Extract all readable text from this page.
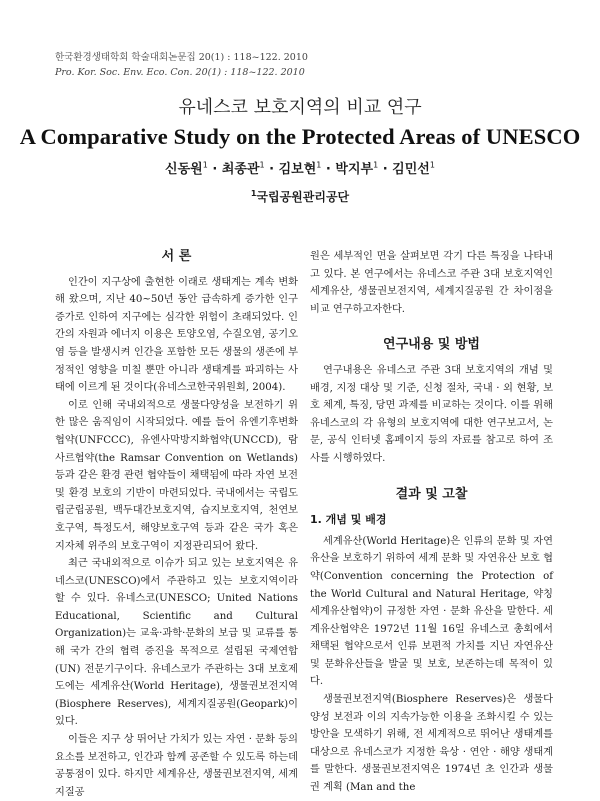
한국환경생태학회 학술대회논문집 20(1) : 118~122. 2010
Pro. Kor. Soc. Env. Eco. Con. 20(1) : 118~122. 2010
유네스코 보호지역의 비교 연구
A Comparative Study on the Protected Areas of UNESCO
신동원$^1$ · 최종관$^1$ · 김보현$^1$ · 박지부$^1$ · 김민선$^1$
$^1$국립공원관리공단
서 론

인간이 지구상에 출현한 이래로 생태계는 계속 변화해 왔으며, 지난 40~50년 동안 급속하게 증가한 인구 증가로 인하여 지구에는 심각한 위험이 초래되었다. 인간의 자원과 에너지 이용은 토양오염, 수질오염, 공기오염 등을 발생시켜 인간을 포함한 모든 생물의 생존에 부정적인 영향을 미칠 뿐만 아니라 생태계를 파괴하는 사태에 이르게 된 것이다(유네스코한국위원회, 2004).

이로 인해 국내외적으로 생물다양성을 보전하기 위한 많은 움직임이 시작되었다. 예를 들어 유엔기후변화협약(UNFCCC), 유엔사막방지화협약(UNCCD), 람사르협약(the Ramsar Convention on Wetlands) 등과 같은 환경 관련 협약들이 채택됨에 따라 자연 보전 및 환경 보호의 기반이 마련되었다. 국내에서는 국립도립군립공원, 백두대간보호지역, 습지보호지역, 천연보호구역, 특정도서, 해양보호구역 등과 같은 국가 혹은 지자체 위주의 보호구역이 지정관리되어 왔다.

최근 국내외적으로 이슈가 되고 있는 보호지역은 유네스코(UNESCO)에서 주관하고 있는 보호지역이라 할 수 있다. 유네스코(UNESCO; United Nations Educational, Scientific and Cultural Organization)는 교육·과학·문화의 보급 및 교류를 통해 국가 간의 협력 증진을 목적으로 설립된 국제연합(UN) 전문기구이다. 유네스코가 주관하는 3대 보호제도에는 세계유산(World Heritage), 생물권보전지역(Biosphere Reserves), 세계지질공원(Geopark)이 있다.

이들은 지구 상 뛰어난 가치가 있는 자연 · 문화 등의 요소를 보전하고, 인간과 함께 공존할 수 있도록 하는데 공통점이 있다. 하지만 세계유산, 생물권보전지역, 세계지질공

원은 세부적인 면을 살펴보면 각기 다른 특징을 나타내고 있다. 본 연구에서는 유네스코 주관 3대 보호지역인 세계유산, 생물권보전지역, 세계지질공원 간 차이점을 비교 연구하고자한다.

연구내용 및 방법

연구내용은 유네스코 주관 3대 보호지역의 개념 및 배경, 지정 대상 및 기준, 신청 절차, 국내 · 외 현황, 보호 체계, 특징, 당면 과제를 비교하는 것이다. 이를 위해 유네스코의 각 유형의 보호지역에 대한 연구보고서, 논문, 공식 인터넷 홈페이지 등의 자료를 참고로 하여 조사를 시행하였다.

결과 및 고찰
1. 개념 및 배경

세계유산(World Heritage)은 인류의 문화 및 자연 유산을 보호하기 위하여 세계 문화 및 자연유산 보호 협약(Convention concerning the Protection of the World Cultural and Natural Heritage, 약칭 세계유산협약)이 규정한 자연 · 문화 유산을 말한다. 세계유산협약은 1972년 11월 16일 유네스코 총회에서 채택된 협약으로서 인류 보편적 가치를 지닌 자연유산 및 문화유산들을 발굴 및 보호, 보존하는데 목적이 있다.

생물권보전지역(Biosphere Reserves)은 생물다양성 보전과 이의 지속가능한 이용을 조화시킬 수 있는 방안을 모색하기 위해, 전 세계적으로 뛰어난 생태계를 대상으로 유네스코가 지정한 육상 · 연안 · 해양 생태계를 말한다. 생물권보전지역은 1974년 초 인간과 생물권 계획 (Man and the
